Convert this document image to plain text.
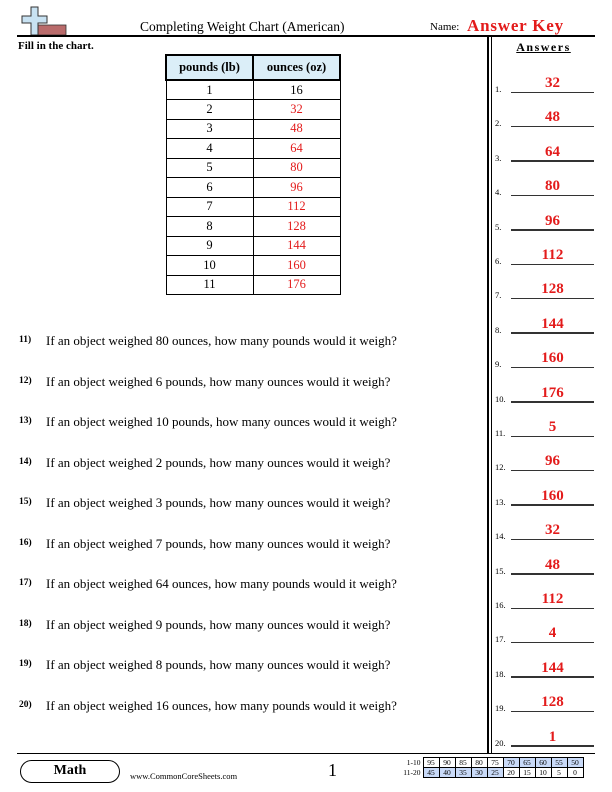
Completing Weight Chart (American)	Name: Answer Key
Fill in the chart.	Answers
pounds (lb)	ounces (oz)
1	16
2	32
3	48
4	64
5	80
6	96
7	112
8	128
9	144
10	160
11	176
11) If an object weighed 80 ounces, how many pounds would it weigh?
12) If an object weighed 6 pounds, how many ounces would it weigh?
13) If an object weighed 10 pounds, how many ounces would it weigh?
14) If an object weighed 2 pounds, how many ounces would it weigh?
15) If an object weighed 3 pounds, how many ounces would it weigh?
16) If an object weighed 7 pounds, how many ounces would it weigh?
17) If an object weighed 64 ounces, how many pounds would it weigh?
18) If an object weighed 9 pounds, how many ounces would it weigh?
19) If an object weighed 8 pounds, how many ounces would it weigh?
20) If an object weighed 16 ounces, how many pounds would it weigh?
1.	32
2.	48
3.	64
4.	80
5.	96
6.	112
7.	128
8.	144
9.	160
10.	176
11.	5
12.	96
13.	160
14.	32
15.	48
16.	112
17.	4
18.	144
19.	128
20.	1
Math	www.CommonCoreSheets.com	1	1-10	95	90	85	80	75	70	65	60	55	50
11-20	45	40	35	30	25	20	15	10	5	0
